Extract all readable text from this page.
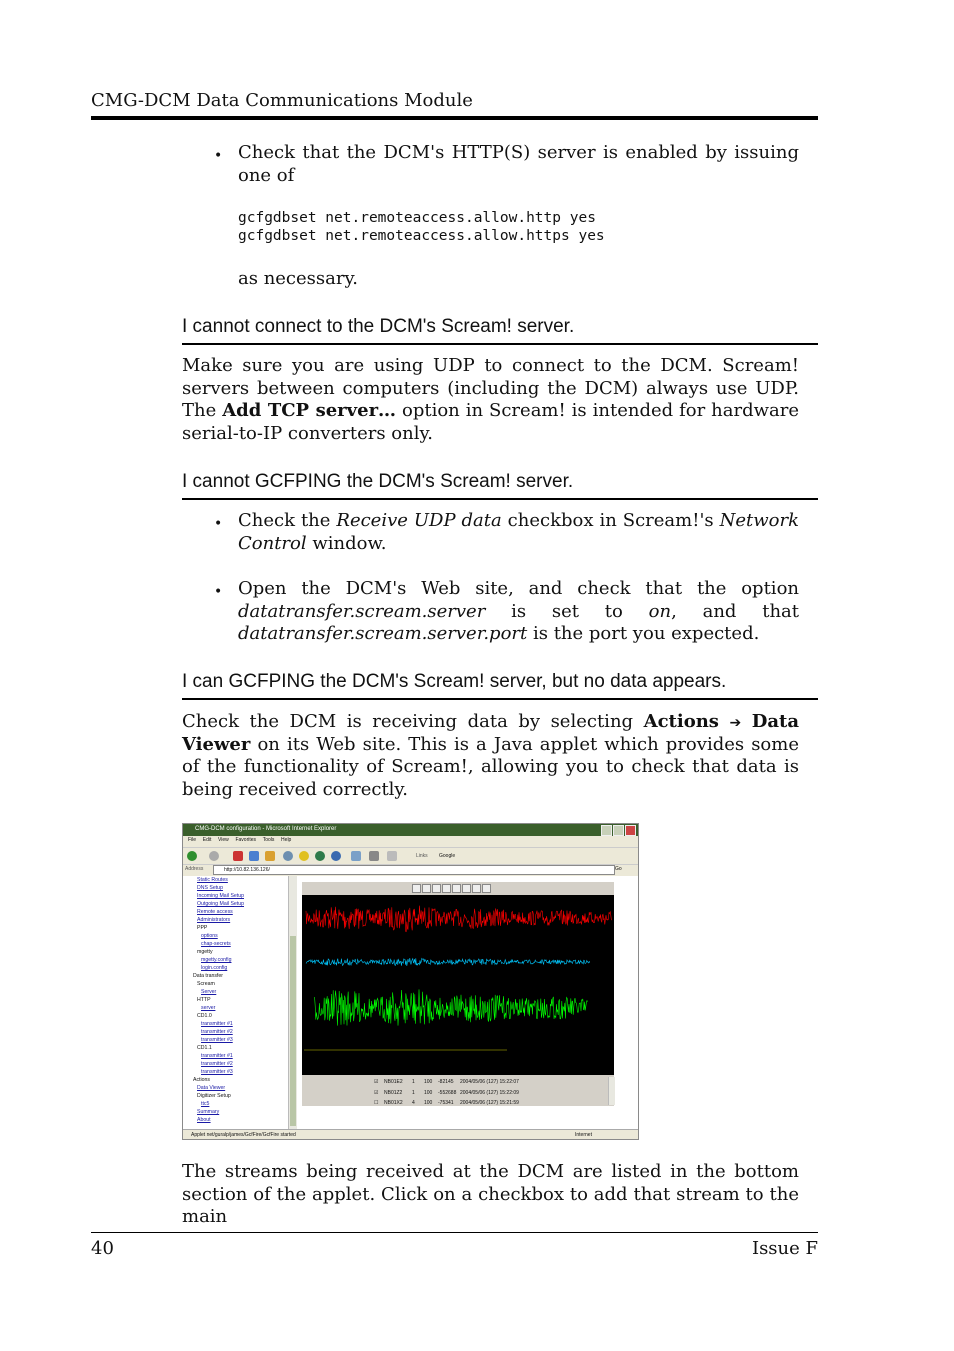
CMG-DCM Data Communications Module
• Check that the DCM's HTTP(S) server is enabled by issuing one of
gcfgdbset net.remoteaccess.allow.http yes
gcfgdbset net.remoteaccess.allow.https yes
as necessary.
I cannot connect to the DCM's Scream! server.
Make sure you are using UDP to connect to the DCM. Scream! servers between computers (including the DCM) always use UDP. The Add TCP server… option in Scream! is intended for hardware serial-to-IP converters only.
I cannot GCFPING the DCM's Scream! server.
• Check the Receive UDP data checkbox in Scream!'s Network Control window.
• Open the DCM's Web site, and check that the option datatransfer.scream.server is set to on, and that datatransfer.scream.server.port is the port you expected.
I can GCFPING the DCM's Scream! server, but no data appears.
Check the DCM is receiving data by selecting Actions ➔ Data Viewer on its Web site. This is a Java applet which provides some of the functionality of Scream!, allowing you to check that data is being received correctly.
CMG-DCM configuration - Microsoft Internet Explorer
File Edit View Favorites Tools Help
Links Google
Address	http://10.82.136.126/	Go
Static Routes
DNS Setup
Incoming Mail Setup
Outgoing Mail Setup
Remote access
Administrators
PPP
options
chap-secrets
mgetty
mgetty.config
login.config
Data transfer
Scream
Server
HTTP
server
CD1.0
transmitter #1
transmitter #2
transmitter #3
CD1.1
transmitter #1
transmitter #2
transmitter #3
Actions
Data Viewer
Digitizer Setup
ttc5
Summary
About
☑ NB01E2 1 100 -82145 2004/05/06 (127) 15:22:07
☑ NB01Z2 1 100 -552688 2004/05/06 (127) 15:22:09
☐ NB01X2 4 100 -75341 2004/05/06 (127) 15:21:59
Applet net/guralp/james/GcfFire/GcfFire started	Internet
The streams being received at the DCM are listed in the bottom section of the applet. Click on a checkbox to add that stream to the main
40	Issue F
